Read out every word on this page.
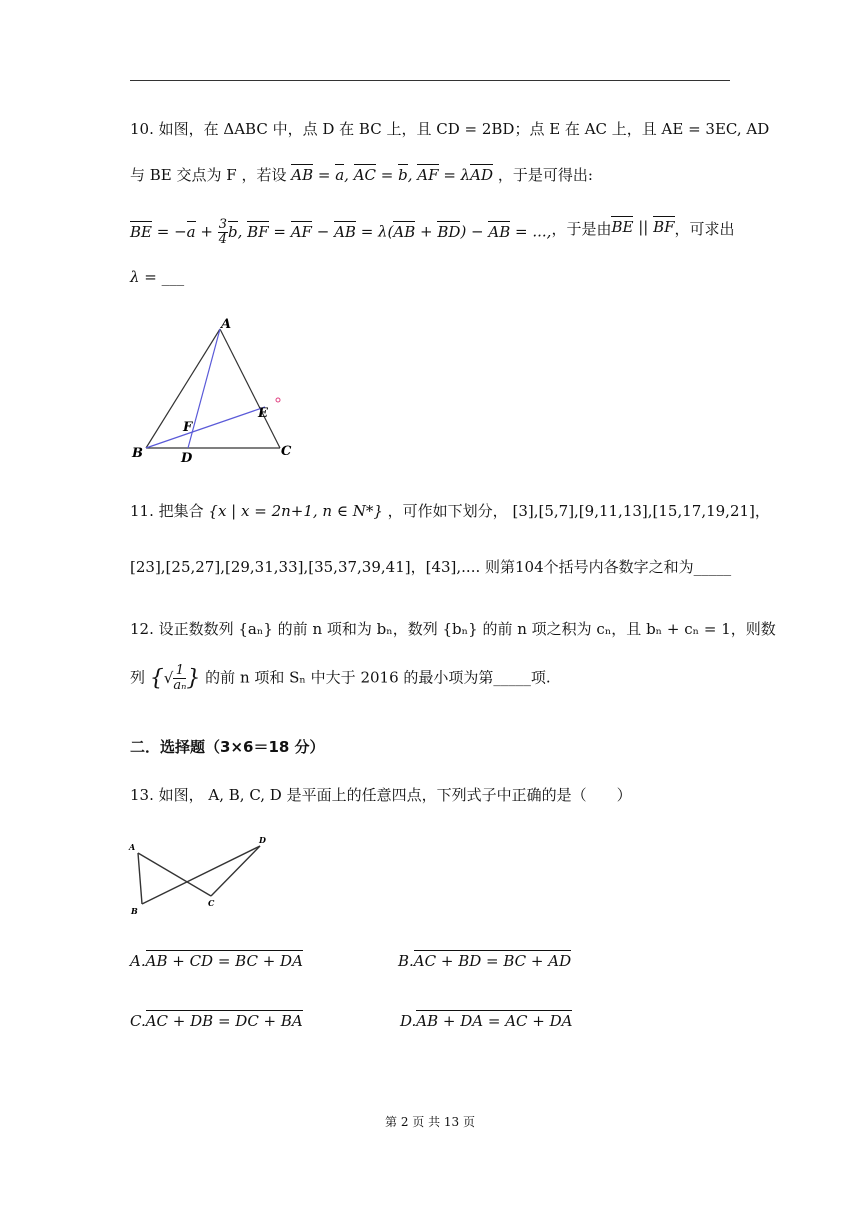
10. 如图，在 ΔABC 中，点 D 在 BC 上，且 CD = 2BD；点 E 在 AC 上，且 AE = 3EC, AD
与 BE 交点为 F ，若设 AB = a, AC = b, AF = λAD ，于是可得出:
BE = $-a + \frac{3}{4} b$, BF = AF − AB = λ(AB + BD) − AB = ..., ，于是由 BE || BF ，可求出
λ = ___
A
B	C
D
E
F
11. 把集合 {x | x = 2n+1, n ∈ N*} ，可作如下划分， [3],[5,7],[9,11,13],[15,17,19,21]，
[23],[25,27],[29,31,33],[35,37,39,41]，[43],.... 则第104个括号内各数字之和为_____
12. 设正数数列 {aₙ} 的前 n 项和为 bₙ，数列 {bₙ} 的前 n 项之积为 cₙ，且 bₙ + cₙ = 1，则数
列 {√ $\frac{1}{\text{aₙ}}$ } 的前 n 项和 Sₙ 中大于 2016 的最小项为第_____项.
二．选择题（3×6＝18 分）
13. 如图， A, B, C, D 是平面上的任意四点，下列式子中正确的是（　　）
A
B
C
D
A.AB + CD = BC + DA	B.AC + BD = BC + AD
C.AC + DB = DC + BA	D.AB + DA = AC + DA
第 2 页 共 13 页
